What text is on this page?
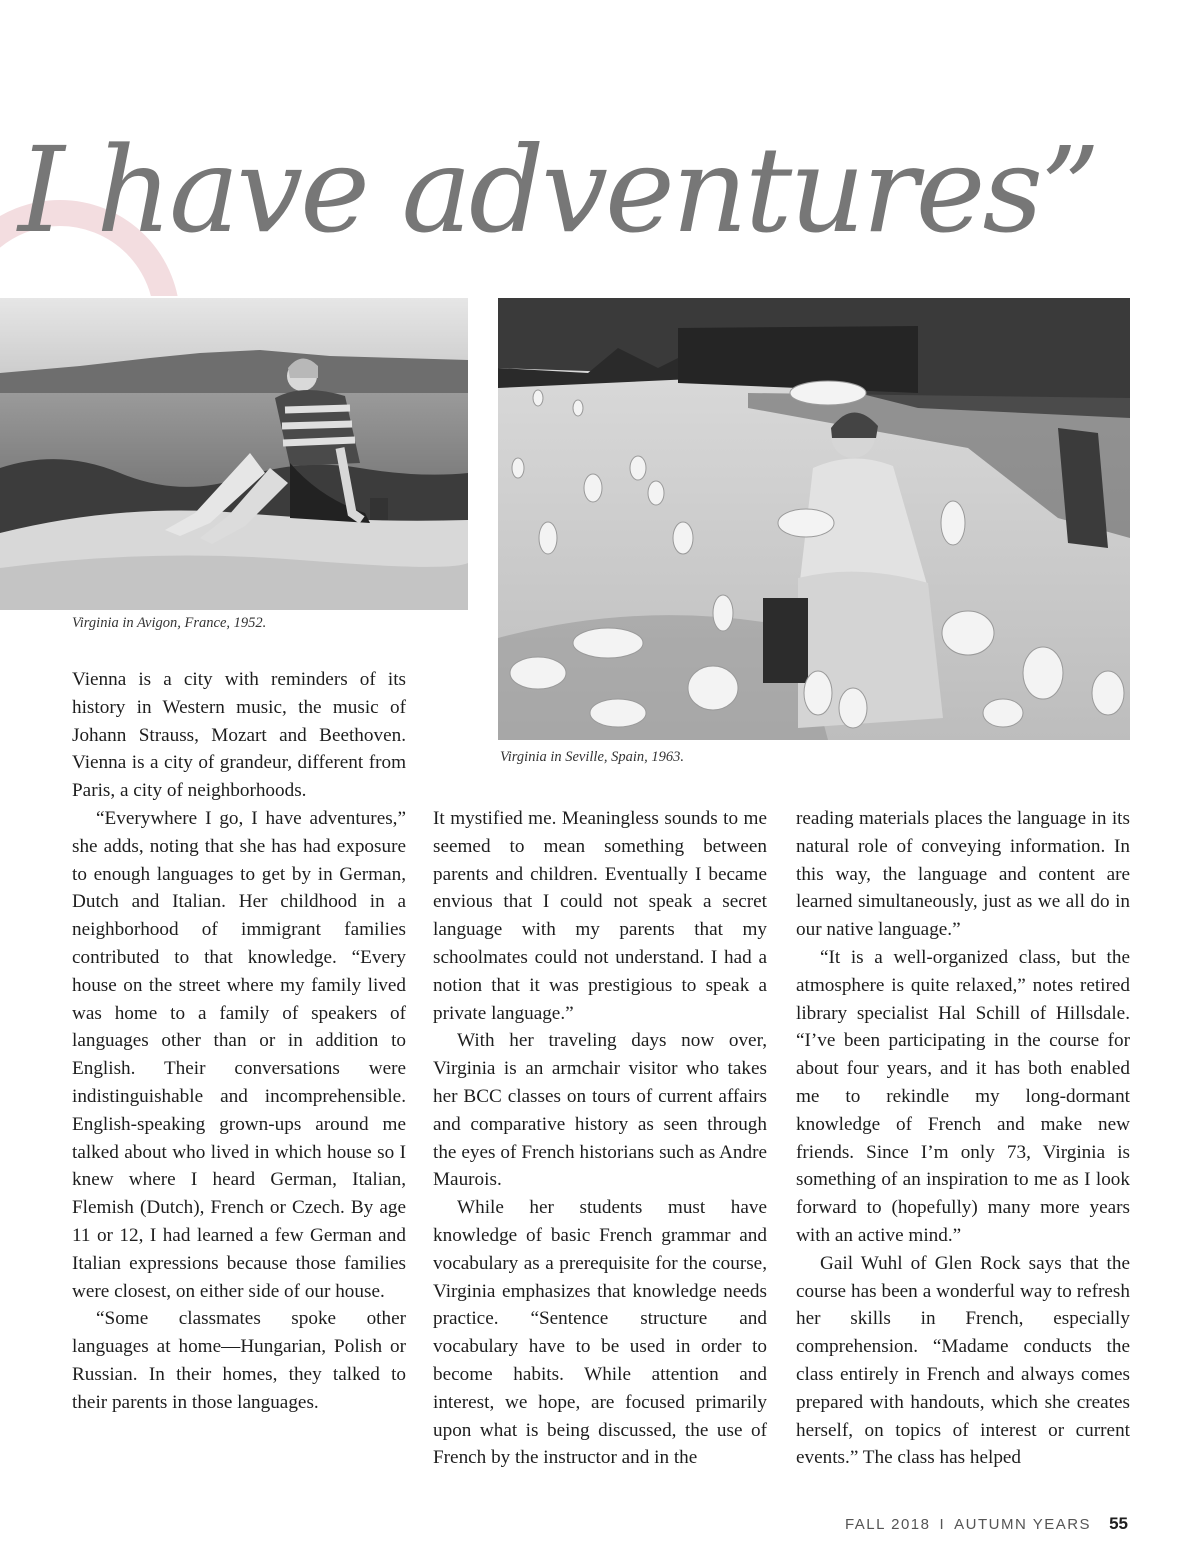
I have adventures”

Virginia in Avigon, France, 1952.

Virginia in Seville, Spain, 1963.

Vienna is a city with reminders of its history in Western music, the music of Johann Strauss, Mozart and Beethoven. Vienna is a city of grandeur, different from Paris, a city of neighborhoods.

“Everywhere I go, I have adventures,” she adds, noting that she has had exposure to enough languages to get by in German, Dutch and Italian. Her childhood in a neighborhood of immigrant families contributed to that knowledge. “Every house on the street where my family lived was home to a family of speakers of languages other than or in addition to English. Their conversations were indistinguishable and incomprehensible. English-speaking grown-ups around me talked about who lived in which house so I knew where I heard German, Italian, Flemish (Dutch), French or Czech. By age 11 or 12, I had learned a few German and Italian expressions because those families were closest, on either side of our house.

“Some classmates spoke other languages at home—Hungarian, Polish or Russian. In their homes, they talked to their parents in those languages.

It mystified me. Meaningless sounds to me seemed to mean something between parents and children. Eventually I became envious that I could not speak a secret language with my parents that my schoolmates could not understand. I had a notion that it was prestigious to speak a private language.”

With her traveling days now over, Virginia is an armchair visitor who takes her BCC classes on tours of current affairs and comparative history as seen through the eyes of French historians such as Andre Maurois.

While her students must have knowledge of basic French grammar and vocabulary as a prerequisite for the course, Virginia emphasizes that knowledge needs practice. “Sentence structure and vocabulary have to be used in order to become habits. While attention and interest, we hope, are focused primarily upon what is being discussed, the use of French by the instructor and in the

reading materials places the language in its natural role of conveying information. In this way, the language and content are learned simultaneously, just as we all do in our native language.”

“It is a well-organized class, but the atmosphere is quite relaxed,” notes retired library specialist Hal Schill of Hillsdale. “I’ve been participating in the course for about four years, and it has both enabled me to rekindle my long-dormant knowledge of French and make new friends. Since I’m only 73, Virginia is something of an inspiration to me as I look forward to (hopefully) many more years with an active mind.”

Gail Wuhl of Glen Rock says that the course has been a wonderful way to refresh her skills in French, especially comprehension. “Madame conducts the class entirely in French and always comes prepared with handouts, which she creates herself, on topics of interest or current events.” The class has helped

FALL 2018 I AUTUMN YEARS 55
